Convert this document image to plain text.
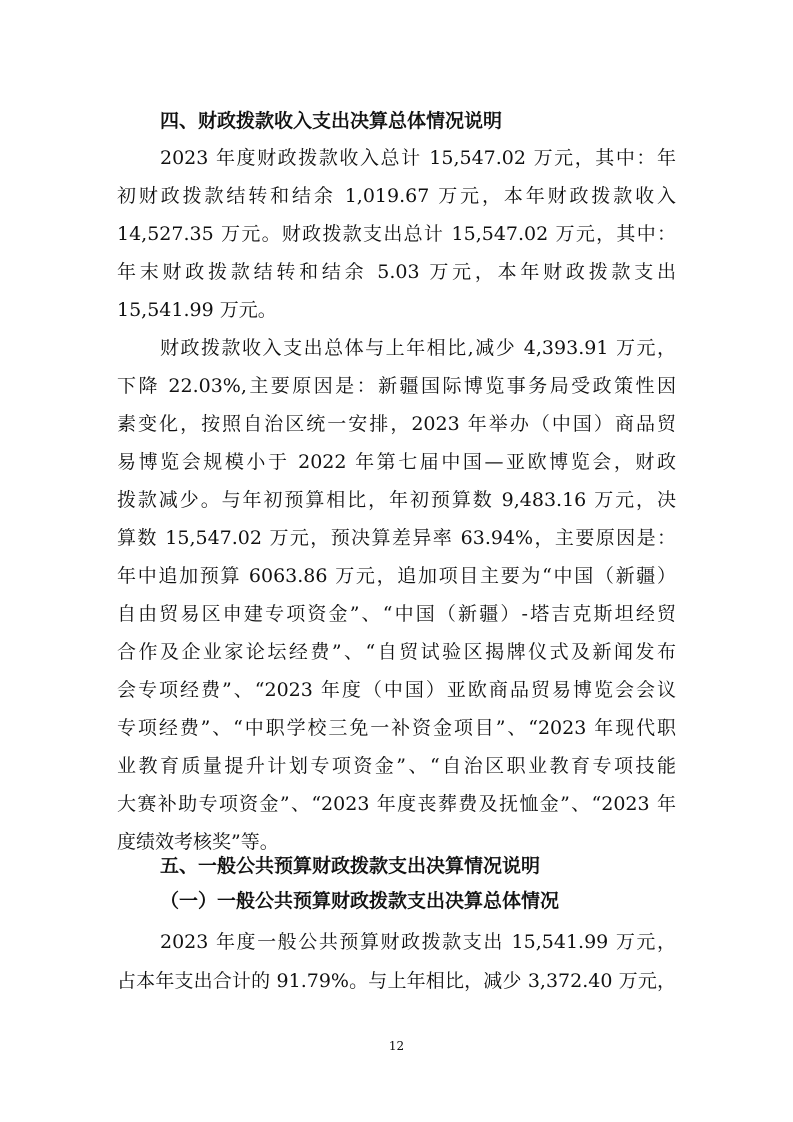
四、财政拨款收入支出决算总体情况说明
2023 年度财政拨款收入总计 15,547.02 万元，其中：年
初财政拨款结转和结余 1,019.67 万元，本年财政拨款收入
14,527.35 万元。财政拨款支出总计 15,547.02 万元，其中：
年末财政拨款结转和结余 5.03 万元，本年财政拨款支出
15,541.99 万元。
财政拨款收入支出总体与上年相比,减少 4,393.91 万元，
下降 22.03%,主要原因是：新疆国际博览事务局受政策性因
素变化，按照自治区统一安排，2023 年举办（中国）商品贸
易博览会规模小于 2022 年第七届中国—亚欧博览会，财政
拨款减少。与年初预算相比，年初预算数 9,483.16 万元，决
算数 15,547.02 万元，预决算差异率 63.94%，主要原因是：
年中追加预算 6063.86 万元，追加项目主要为“中国（新疆）
自由贸易区申建专项资金”、“中国（新疆）-塔吉克斯坦经贸
合作及企业家论坛经费”、“自贸试验区揭牌仪式及新闻发布
会专项经费”、“2023 年度（中国）亚欧商品贸易博览会会议
专项经费”、“中职学校三免一补资金项目”、“2023 年现代职
业教育质量提升计划专项资金”、“自治区职业教育专项技能
大赛补助专项资金”、“2023 年度丧葬费及抚恤金”、“2023 年
度绩效考核奖”等。
五、一般公共预算财政拨款支出决算情况说明
（一）一般公共预算财政拨款支出决算总体情况
2023 年度一般公共预算财政拨款支出 15,541.99 万元，
占本年支出合计的 91.79%。与上年相比，减少 3,372.40 万元，
12
